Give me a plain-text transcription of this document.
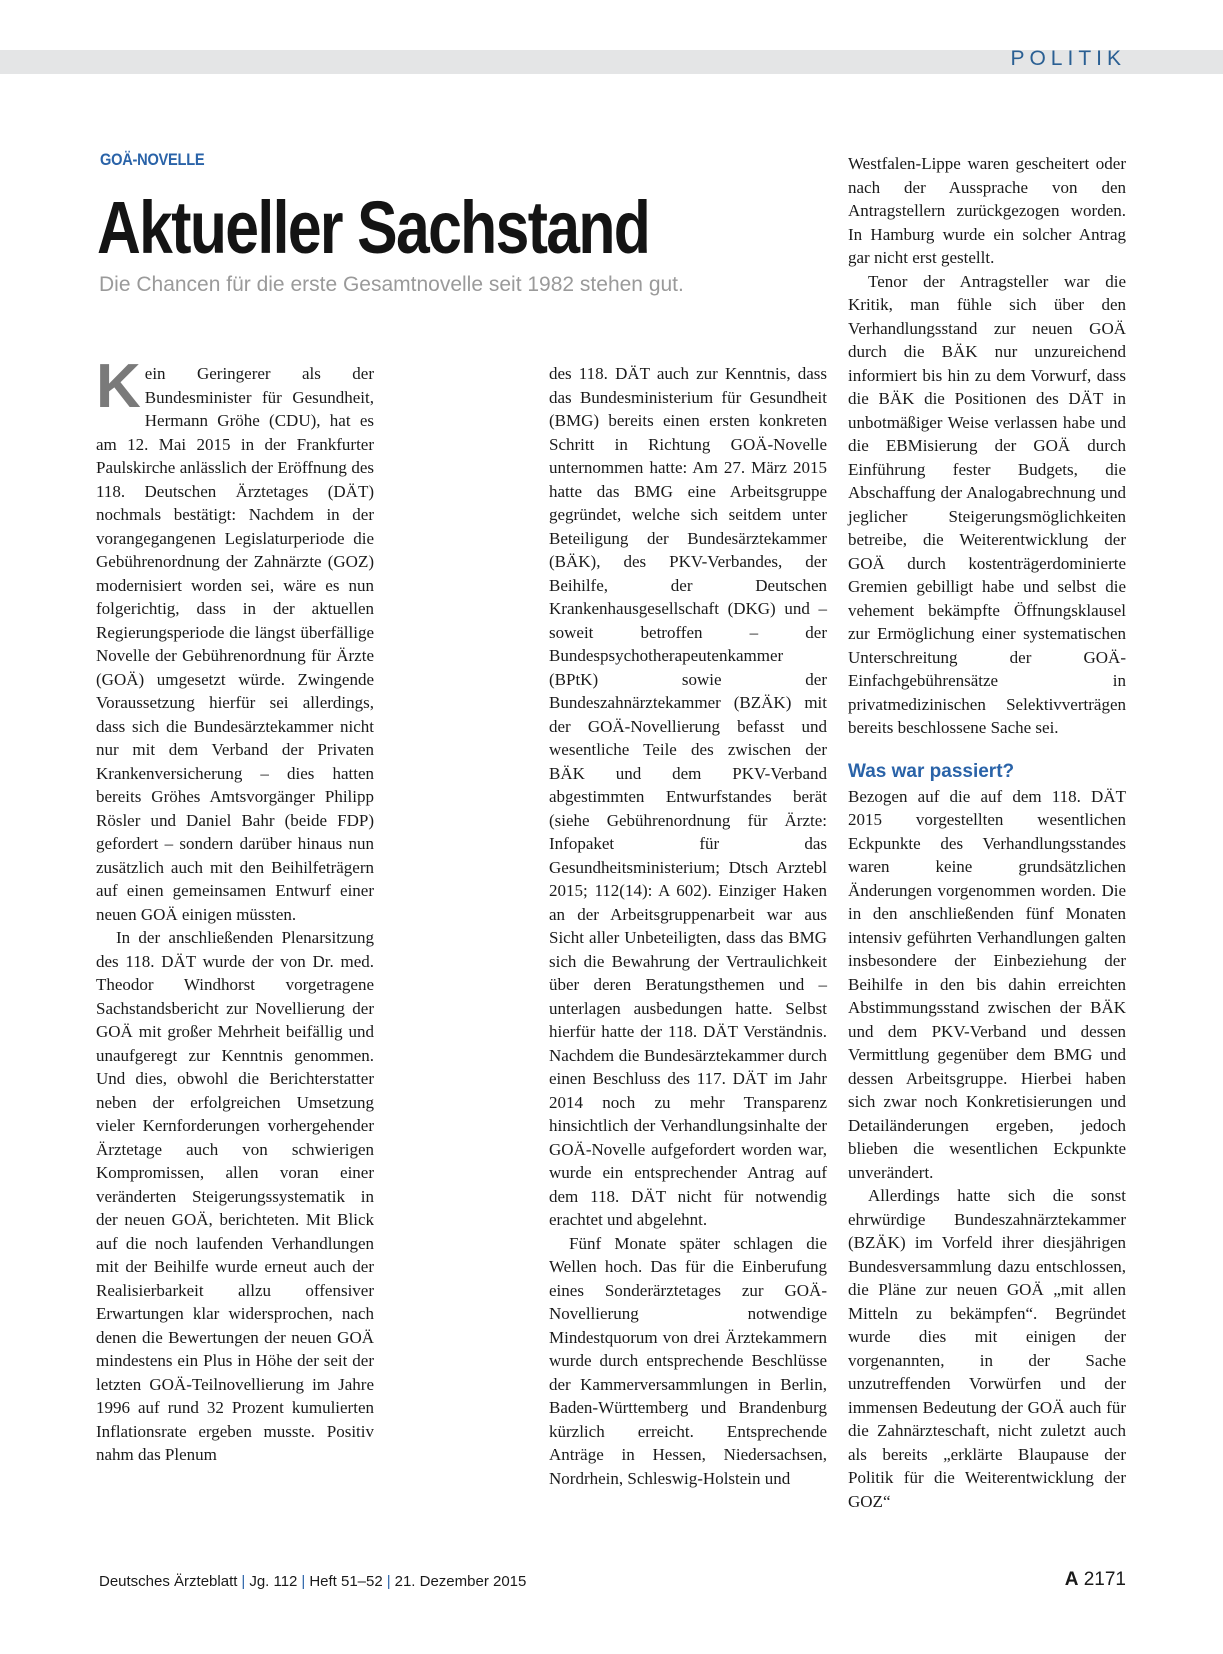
POLITIK
GOÄ-NOVELLE
Aktueller Sachstand
Die Chancen für die erste Gesamtnovelle seit 1982 stehen gut.

Kein Geringerer als der Bundesminister für Gesundheit, Hermann Gröhe (CDU), hat es am 12. Mai 2015 in der Frankfurter Paulskirche anlässlich der Eröffnung des 118. Deutschen Ärztetages (DÄT) nochmals bestätigt: Nachdem in der vorangegangenen Legislaturperiode die Gebührenordnung der Zahnärzte (GOZ) modernisiert worden sei, wäre es nun folgerichtig, dass in der aktuellen Regierungsperiode die längst überfällige Novelle der Gebührenordnung für Ärzte (GOÄ) umgesetzt würde. Zwingende Voraussetzung hierfür sei allerdings, dass sich die Bundesärztekammer nicht nur mit dem Verband der Privaten Krankenversicherung – dies hatten bereits Gröhes Amtsvorgänger Philipp Rösler und Daniel Bahr (beide FDP) gefordert – sondern darüber hinaus nun zusätzlich auch mit den Beihilfeträgern auf einen gemeinsamen Entwurf einer neuen GOÄ einigen müssten.

In der anschließenden Plenarsitzung des 118. DÄT wurde der von Dr. med. Theodor Windhorst vorgetragene Sachstandsbericht zur Novellierung der GOÄ mit großer Mehrheit beifällig und unaufgeregt zur Kenntnis genommen. Und dies, obwohl die Berichterstatter neben der erfolgreichen Umsetzung vieler Kernforderungen vorhergehender Ärztetage auch von schwierigen Kompromissen, allen voran einer veränderten Steigerungssystematik in der neuen GOÄ, berichteten. Mit Blick auf die noch laufenden Verhandlungen mit der Beihilfe wurde erneut auch der Realisierbarkeit allzu offensiver Erwartungen klar widersprochen, nach denen die Bewertungen der neuen GOÄ mindestens ein Plus in Höhe der seit der letzten GOÄ-Teilnovellierung im Jahre 1996 auf rund 32 Prozent kumulierten Inflationsrate ergeben musste. Positiv nahm das Plenum

des 118. DÄT auch zur Kenntnis, dass das Bundesministerium für Gesundheit (BMG) bereits einen ersten konkreten Schritt in Richtung GOÄ-Novelle unternommen hatte: Am 27. März 2015 hatte das BMG eine Arbeitsgruppe gegründet, welche sich seitdem unter Beteiligung der Bundesärztekammer (BÄK), des PKV-Verbandes, der Beihilfe, der Deutschen Krankenhausgesellschaft (DKG) und – soweit betroffen – der Bundespsychotherapeutenkammer (BPtK) sowie der Bundeszahnärztekammer (BZÄK) mit der GOÄ-Novellierung befasst und wesentliche Teile des zwischen der BÄK und dem PKV-Verband abgestimmten Entwurfstandes berät (siehe Gebührenordnung für Ärzte: Infopaket für das Gesundheitsministerium; Dtsch Arztebl 2015; 112(14): A 602). Einziger Haken an der Arbeitsgruppenarbeit war aus Sicht aller Unbeteiligten, dass das BMG sich die Bewahrung der Vertraulichkeit über deren Beratungsthemen und –unterlagen ausbedungen hatte. Selbst hierfür hatte der 118. DÄT Verständnis. Nachdem die Bundesärztekammer durch einen Beschluss des 117. DÄT im Jahr 2014 noch zu mehr Transparenz hinsichtlich der Verhandlungsinhalte der GOÄ-Novelle aufgefordert worden war, wurde ein entsprechender Antrag auf dem 118. DÄT nicht für notwendig erachtet und abgelehnt.

Fünf Monate später schlagen die Wellen hoch. Das für die Einberufung eines Sonderärztetages zur GOÄ-Novellierung notwendige Mindestquorum von drei Ärztekammern wurde durch entsprechende Beschlüsse der Kammerversammlungen in Berlin, Baden-Württemberg und Brandenburg kürzlich erreicht. Entsprechende Anträge in Hessen, Niedersachsen, Nordrhein, Schleswig-Holstein und

Westfalen-Lippe waren gescheitert oder nach der Aussprache von den Antragstellern zurückgezogen worden. In Hamburg wurde ein solcher Antrag gar nicht erst gestellt.

Tenor der Antragsteller war die Kritik, man fühle sich über den Verhandlungsstand zur neuen GOÄ durch die BÄK nur unzureichend informiert bis hin zu dem Vorwurf, dass die BÄK die Positionen des DÄT in unbotmäßiger Weise verlassen habe und die EBMisierung der GOÄ durch Einführung fester Budgets, die Abschaffung der Analogabrechnung und jeglicher Steigerungsmöglichkeiten betreibe, die Weiterentwicklung der GOÄ durch kostenträgerdominierte Gremien gebilligt habe und selbst die vehement bekämpfte Öffnungsklausel zur Ermöglichung einer systematischen Unterschreitung der GOÄ-Einfachgebührensätze in privatmedizinischen Selektivverträgen bereits beschlossene Sache sei.

Was war passiert?

Bezogen auf die auf dem 118. DÄT 2015 vorgestellten wesentlichen Eckpunkte des Verhandlungsstandes waren keine grundsätzlichen Änderungen vorgenommen worden. Die in den anschließenden fünf Monaten intensiv geführten Verhandlungen galten insbesondere der Einbeziehung der Beihilfe in den bis dahin erreichten Abstimmungsstand zwischen der BÄK und dem PKV-Verband und dessen Vermittlung gegenüber dem BMG und dessen Arbeitsgruppe. Hierbei haben sich zwar noch Konkretisierungen und Detailänderungen ergeben, jedoch blieben die wesentlichen Eckpunkte unverändert.

Allerdings hatte sich die sonst ehrwürdige Bundeszahnärztekammer (BZÄK) im Vorfeld ihrer diesjährigen Bundesversammlung dazu entschlossen, die Pläne zur neuen GOÄ „mit allen Mitteln zu bekämpfen“. Begründet wurde dies mit einigen der vorgenannten, in der Sache unzutreffenden Vorwürfen und der immensen Bedeutung der GOÄ auch für die Zahnärzteschaft, nicht zuletzt auch als bereits „erklärte Blaupause der Politik für die Weiterentwicklung der GOZ“

Deutsches Ärzteblatt | Jg. 112 | Heft 51–52 | 21. Dezember 2015	A 2171
